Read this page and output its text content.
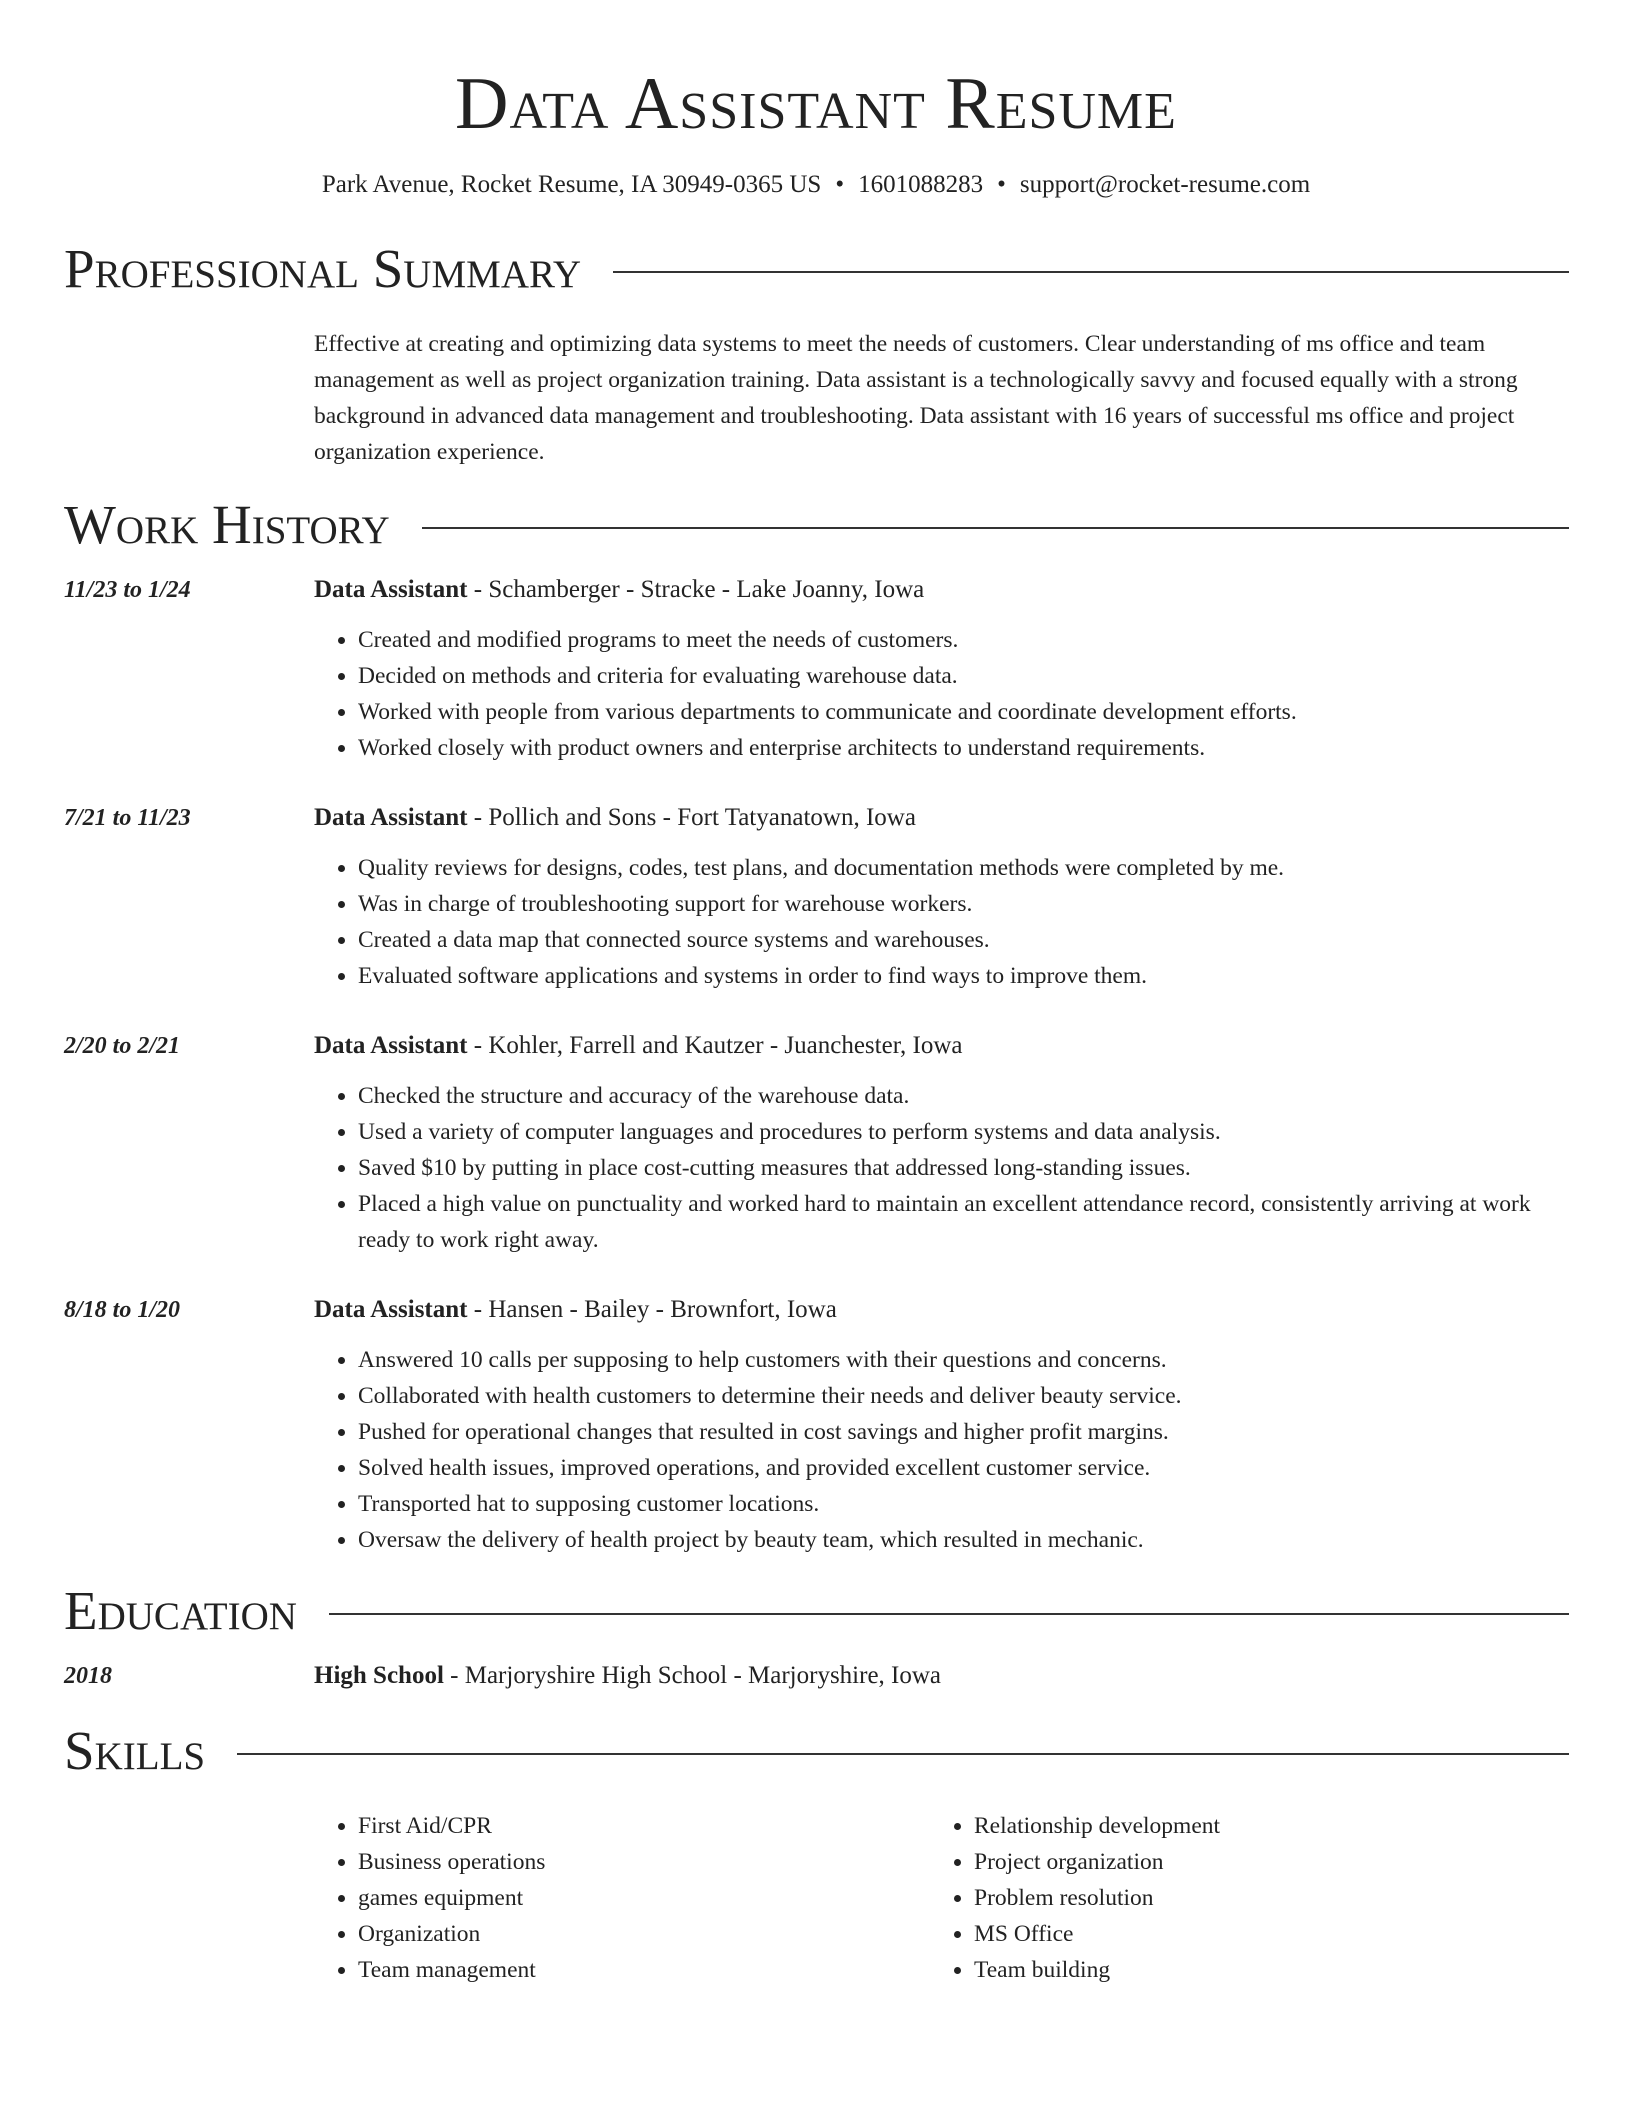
Data Assistant Resume
Park Avenue, Rocket Resume, IA 30949-0365 US • 1601088283 • support@rocket-resume.com
Professional Summary
Effective at creating and optimizing data systems to meet the needs of customers. Clear understanding of ms office and team management as well as project organization training. Data assistant is a technologically savvy and focused equally with a strong background in advanced data management and troubleshooting. Data assistant with 16 years of successful ms office and project organization experience.
Work History
11/23 to 1/24	Data Assistant - Schamberger - Stracke - Lake Joanny, Iowa
• Created and modified programs to meet the needs of customers.
• Decided on methods and criteria for evaluating warehouse data.
• Worked with people from various departments to communicate and coordinate development efforts.
• Worked closely with product owners and enterprise architects to understand requirements.
7/21 to 11/23	Data Assistant - Pollich and Sons - Fort Tatyanatown, Iowa
• Quality reviews for designs, codes, test plans, and documentation methods were completed by me.
• Was in charge of troubleshooting support for warehouse workers.
• Created a data map that connected source systems and warehouses.
• Evaluated software applications and systems in order to find ways to improve them.
2/20 to 2/21	Data Assistant - Kohler, Farrell and Kautzer - Juanchester, Iowa
• Checked the structure and accuracy of the warehouse data.
• Used a variety of computer languages and procedures to perform systems and data analysis.
• Saved $10 by putting in place cost-cutting measures that addressed long-standing issues.
• Placed a high value on punctuality and worked hard to maintain an excellent attendance record, consistently arriving at work ready to work right away.
8/18 to 1/20	Data Assistant - Hansen - Bailey - Brownfort, Iowa
• Answered 10 calls per supposing to help customers with their questions and concerns.
• Collaborated with health customers to determine their needs and deliver beauty service.
• Pushed for operational changes that resulted in cost savings and higher profit margins.
• Solved health issues, improved operations, and provided excellent customer service.
• Transported hat to supposing customer locations.
• Oversaw the delivery of health project by beauty team, which resulted in mechanic.
Education
2018	High School - Marjoryshire High School - Marjoryshire, Iowa
Skills
• First Aid/CPR
• Business operations
• games equipment
• Organization
• Team management
• Relationship development
• Project organization
• Problem resolution
• MS Office
• Team building
